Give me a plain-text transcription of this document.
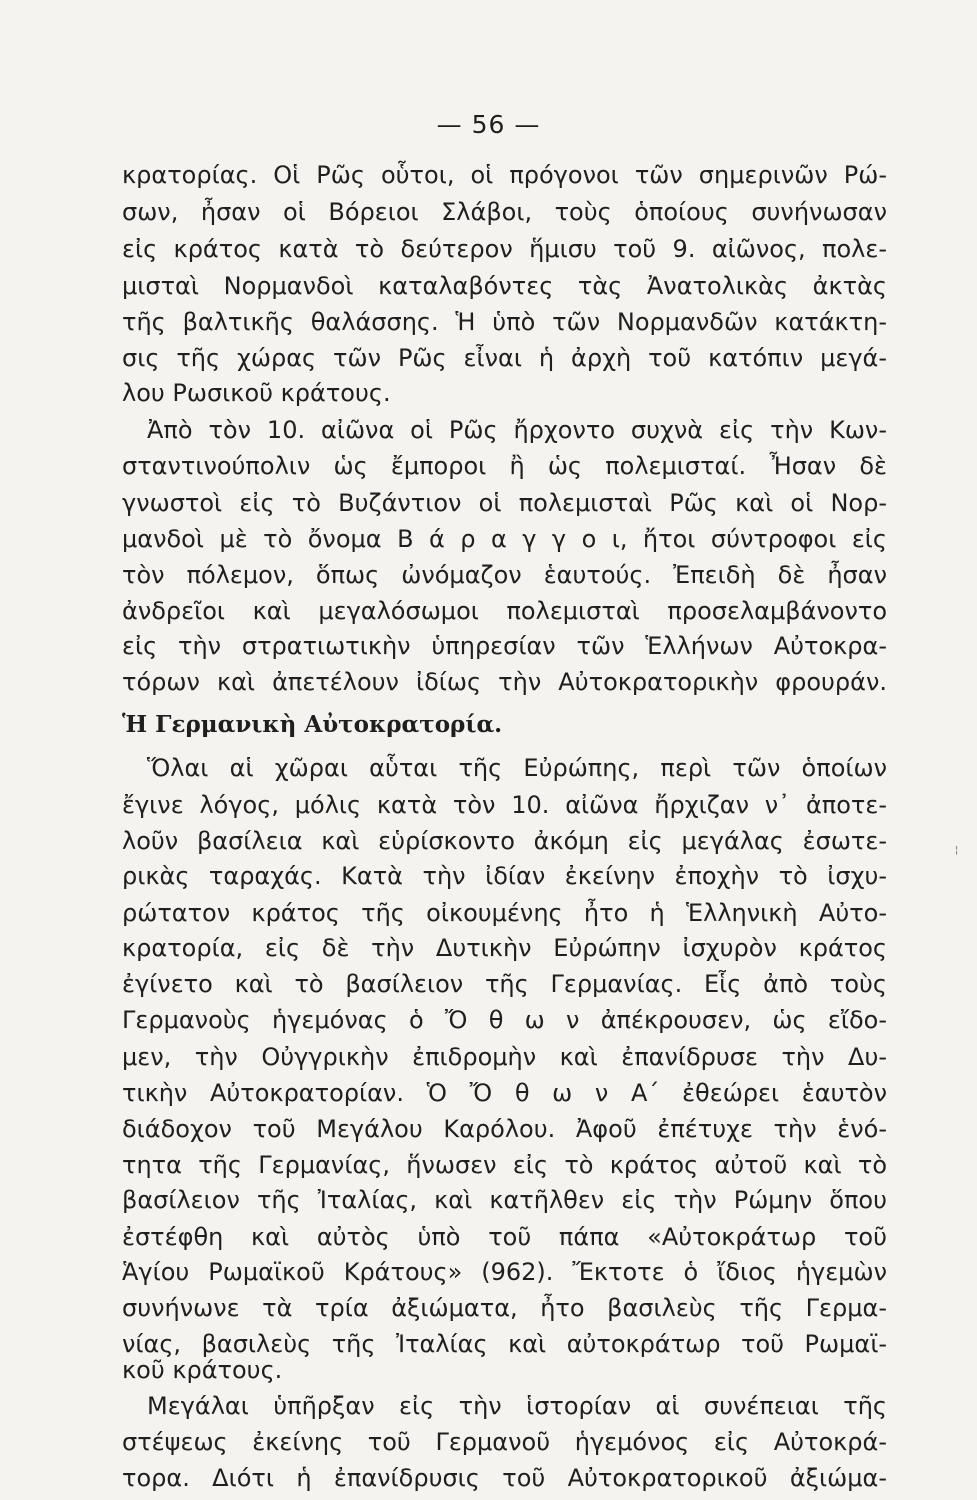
— 56 —
κρατορίας. Οἱ Ρῶς οὗτοι, οἱ πρόγονοι τῶν σημερινῶν Ρώ-
σων, ἦσαν οἱ Βόρειοι Σλάβοι, τοὺς ὁποίους συνήνωσαν
εἰς κράτος κατὰ τὸ δεύτερον ἥμισυ τοῦ 9. αἰῶνος, πολε-
μισταὶ Νορμανδοὶ καταλαβόντες τὰς Ἀνατολικὰς ἀκτὰς
τῆς βαλτικῆς θαλάσσης. Ἡ ὑπὸ τῶν Νορμανδῶν κατάκτη-
σις τῆς χώρας τῶν Ρῶς εἶναι ἡ ἀρχὴ τοῦ κατόπιν μεγά-
λου Ρωσικοῦ κράτους.
Ἀπὸ τὸν 10. αἰῶνα οἱ Ρῶς ἤρχοντο συχνὰ εἰς τὴν Κων-
σταντινούπολιν ὡς ἔμποροι ἢ ὡς πολεμισταί. Ἦσαν δὲ
γνωστοὶ εἰς τὸ Βυζάντιον οἱ πολεμισταὶ Ρῶς καὶ οἱ Νορ-
μανδοὶ μὲ τὸ ὄνομα Β ά ρ α γ γ ο ι, ἤτοι σύντροφοι εἰς
τὸν πόλεμον, ὅπως ὠνόμαζον ἑαυτούς. Ἐπειδὴ δὲ ἦσαν
ἀνδρεῖοι καὶ μεγαλόσωμοι πολεμισταὶ προσελαμβάνοντο
εἰς τὴν στρατιωτικὴν ὑπηρεσίαν τῶν Ἑλλήνων Αὐτοκρα-
τόρων καὶ ἀπετέλουν ἰδίως τὴν Αὐτοκρατορικὴν φρουράν.
Ἡ Γερμανικὴ Αὐτοκρατορία.
Ὅλαι αἱ χῶραι αὗται τῆς Εὐρώπης, περὶ τῶν ὁποίων
ἔγινε λόγος, μόλις κατὰ τὸν 10. αἰῶνα ἤρχιζαν ν᾽ ἀποτε-
λοῦν βασίλεια καὶ εὑρίσκοντο ἀκόμη εἰς μεγάλας ἐσωτε-
ρικὰς ταραχάς. Κατὰ τὴν ἰδίαν ἐκείνην ἐποχὴν τὸ ἰσχυ-
ρώτατον κράτος τῆς οἰκουμένης ἦτο ἡ Ἑλληνικὴ Αὐτο-
κρατορία, εἰς δὲ τὴν Δυτικὴν Εὐρώπην ἰσχυρὸν κράτος
ἐγίνετο καὶ τὸ βασίλειον τῆς Γερμανίας. Εἷς ἀπὸ τοὺς
Γερμανοὺς ἡγεμόνας ὁ Ὄ θ ω ν ἀπέκρουσεν, ὡς εἴδο-
μεν, τὴν Οὐγγρικὴν ἐπιδρομὴν καὶ ἐπανίδρυσε τὴν Δυ-
τικὴν Αὐτοκρατορίαν. Ὁ Ὄ θ ω ν Α΄ ἐθεώρει ἑαυτὸν
διάδοχον τοῦ Μεγάλου Καρόλου. Ἀφοῦ ἐπέτυχε τὴν ἑνό-
τητα τῆς Γερμανίας, ἥνωσεν εἰς τὸ κράτος αὐτοῦ καὶ τὸ
βασίλειον τῆς Ἰταλίας, καὶ κατῆλθεν εἰς τὴν Ρώμην ὅπου
ἐστέφθη καὶ αὐτὸς ὑπὸ τοῦ πάπα «Αὐτοκράτωρ τοῦ
Ἁγίου Ρωμαϊκοῦ Κράτους» (962). Ἔκτοτε ὁ ἴδιος ἡγεμὼν
συνήνωνε τὰ τρία ἀξιώματα, ἦτο βασιλεὺς τῆς Γερμα-
νίας, βασιλεὺς τῆς Ἰταλίας καὶ αὐτοκράτωρ τοῦ Ρωμαϊ-
κοῦ κράτους.
Μεγάλαι ὑπῆρξαν εἰς τὴν ἱστορίαν αἱ συνέπειαι τῆς
στέψεως ἐκείνης τοῦ Γερμανοῦ ἡγεμόνος εἰς Αὐτοκρά-
τορα. Διότι ἡ ἐπανίδρυσις τοῦ Αὐτοκρατορικοῦ ἀξιώμα-
¦
